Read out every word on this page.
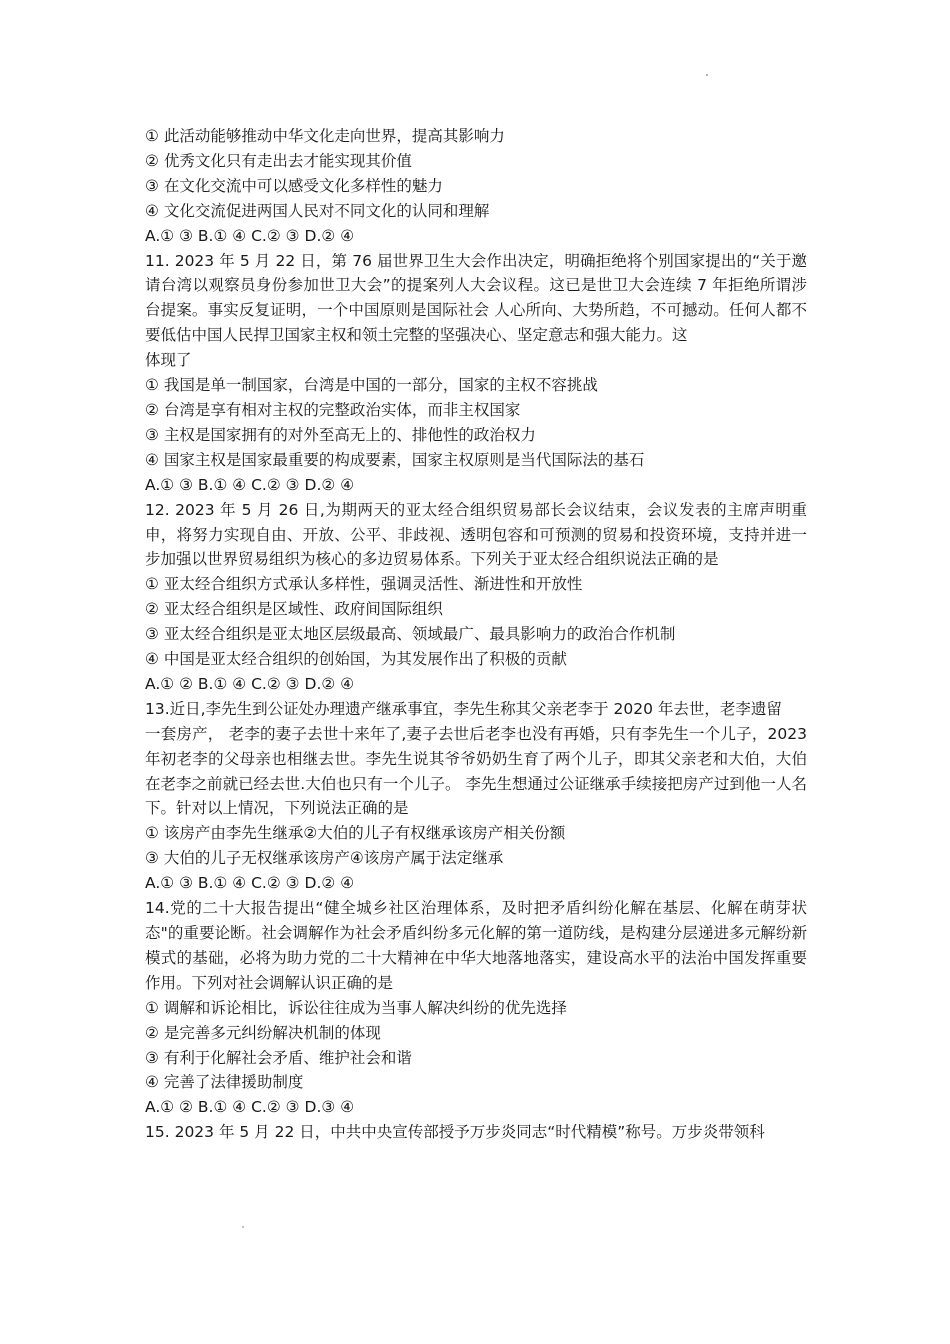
① 此活动能够推动中华文化走向世界，提高其影响力
② 优秀文化只有走出去才能实现其价值
③ 在文化交流中可以感受文化多样性的魅力
④ 文化交流促进两国人民对不同文化的认同和理解
A.① ③ B.① ④ C.② ③ D.② ④
11. 2023 年 5 月 22 日，第 76 届世界卫生大会作出决定，明确拒绝将个别国家提出的“关于邀请台湾以观察员身份参加世卫大会”的提案列人大会议程。这已是世卫大会连续 7 年拒绝所谓涉台提案。事实反复证明，一个中国原则是国际社会 人心所向、大势所趋，不可撼动。任何人都不要低估中国人民捍卫国家主权和领土完整的坚强决心、坚定意志和强大能力。这
体现了
① 我国是单一制国家，台湾是中国的一部分，国家的主权不容挑战
② 台湾是享有相对主权的完整政治实体，而非主权国家
③ 主权是国家拥有的对外至高无上的、排他性的政治权力
④ 国家主权是国家最重要的构成要素，国家主权原则是当代国际法的基石
A.① ③ B.① ④ C.② ③ D.② ④
12. 2023 年 5 月 26 日,为期两天的亚太经合组织贸易部长会议结束，会议发表的主席声明重申，将努力实现自由、开放、公平、非歧视、透明包容和可预测的贸易和投资环境，支持并进一步加强以世界贸易组织为核心的多边贸易体系。下列关于亚太经合组织说法正确的是
① 亚太经合组织方式承认多样性，强调灵活性、渐进性和开放性
② 亚太经合组织是区域性、政府间国际组织
③ 亚太经合组织是亚太地区层级最高、领域最广、最具影响力的政治合作机制
④ 中国是亚太经合组织的创始国，为其发展作出了积极的贡献
A.① ② B.① ④ C.② ③ D.② ④
13.近日,李先生到公证处办理遗产继承事宜，李先生称其父亲老李于 2020 年去世，老李遗留
一套房产， 老李的妻子去世十来年了,妻子去世后老李也没有再婚，只有李先生一个儿子，2023 年初老李的父母亲也相继去世。李先生说其爷爷奶奶生育了两个儿子，即其父亲老和大伯，大伯在老李之前就已经去世.大伯也只有一个儿子。 李先生想通过公证继承手续接把房产过到他一人名下。针对以上情况，下列说法正确的是
① 该房产由李先生继承②大伯的儿子有权继承该房产相关份额
③ 大伯的儿子无权继承该房产④该房产属于法定继承
A.① ③ B.① ④ C.② ③ D.② ④
14.党的二十大报告提出“健全城乡社区治理体系，及时把矛盾纠纷化解在基层、化解在萌芽状态"的重要论断。社会调解作为社会矛盾纠纷多元化解的第一道防线，是构建分层递进多元解纷新模式的基础，必将为助力党的二十大精神在中华大地落地落实，建设高水平的法治中国发挥重要作用。下列对社会调解认识正确的是
① 调解和诉论相比，诉讼往往成为当事人解决纠纷的优先选择
② 是完善多元纠纷解决机制的体现
③ 有利于化解社会矛盾、维护社会和谐
④ 完善了法律援助制度
A.① ② B.① ④ C.② ③ D.③ ④
15. 2023 年 5 月 22 日，中共中央宣传部授予万步炎同志“时代精模”称号。万步炎带领科
